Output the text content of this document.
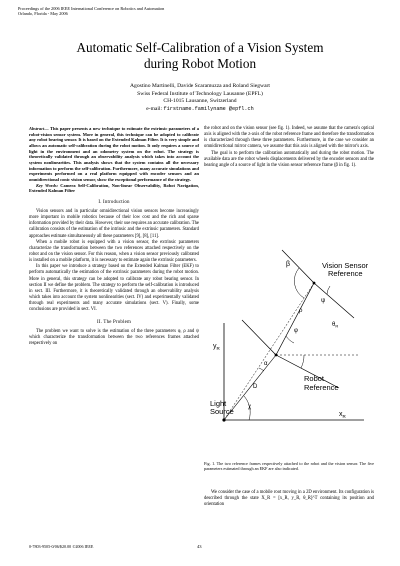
Proceedings of the 2006 IEEE International Conference on Robotics and Automation
Orlando, Florida - May 2006
Automatic Self-Calibration of a Vision System
during Robot Motion
Agostino Martinelli, Davide Scaramuzza and Roland Siegwart
Swiss Federal Institute of Technology Lausanne (EPFL)
CH-1015 Lausanne, Switzerland
e-mail: firstname.familyname @epfl.ch

Abstract— This paper presents a new technique to estimate the extrinsic parameters of a robot-vision sensor system. More in general, this technique can be adopted to calibrate any robot bearing sensor. It is based on the Extended Kalman Filter. It is very simple and allows an automatic self-calibration during the robot motion. It only requires a source of light in the environment and an odometry system on the robot. The strategy is theoretically validated through an observability analysis which takes into account the system nonlinearities. This analysis shows that the system contains all the necessary information to perform the self-calibration. Furthermore, many accurate simulations and experiments performed on a real platform equipped with encoder sensors and an omnidirectional conic vision sensor, show the exceptional performance of the strategy.

Key Words: Camera Self-Calibration, Non-linear Observability, Robot Navigation, Extended Kalman Filter

I. Introduction

Vision sensors and in particular omnidirectional vision sensors become increasingly more important in mobile robotics because of their low cost and the rich and sparse information provided by their data. However, their use requires an accurate calibration. The calibration consists of the estimation of the intrinsic and the extrinsic parameters. Standard approaches estimate simultaneously all these parameters [9], [8], [11].

When a mobile robot is equipped with a vision sensor, the extrinsic parameters characterize the transformation between the two references attached respectively on the robot and on the vision sensor. For this reason, when a vision sensor previously calibrated is installed on a mobile platform, it is necessary to estimate again the extrinsic parameters.

In this paper we introduce a strategy based on the Extended Kalman Filter (EKF) to perform automatically the estimation of the extrinsic parameters during the robot motion. More in general, this strategy can be adopted to calibrate any robot bearing sensor. In section II we define the problem. The strategy to perform the self-calibration is introduced in sect. III. Furthermore, it is theoretically validated through an observability analysis which takes into account the system nonlinearities (sect. IV) and experimentally validated through real experiments and many accurate simulations (sect. V). Finally, some conclusions are provided in sect. VI.

II. The Problem

The problem we want to solve is the estimation of the three parameters φ, ρ and ψ which characterize the transformation between the two references frames attached respectively on

the robot and on the vision sensor (see fig. 1). Indeed, we assume that the camera's optical axis is aligned with the z-axis of the robot reference frame and therefore the transformation is characterized through these three parameters. Furthermore, in the case we consider an omnidirectional mirror camera, we assume that this axis is aligned with the mirror's axis.

The goal is to perform the calibration automatically and during the robot motion. The available data are the robot wheels displacements delivered by the encoder sensors and the bearing angle of a source of light in the vision sensor reference frame (β in fig. 1).

Vision Sensor
Reference
Robot
Reference
Light
Source
$y_R$
$x_R$
β
φ
ψ
$\theta_R$
ρ
D
χ
α
Fig. 1. The two reference frames respectively attached to the robot and the vision sensor. The five parameters estimated through an EKF are also indicated.

We consider the case of a mobile root moving in a 2D environment. Its configuration is described through the state X_R = [x_R, y_R, θ_R]^T containing its position and orientation

0-7803-9505-0/06/$20.00 ©2006 IEEE	43
